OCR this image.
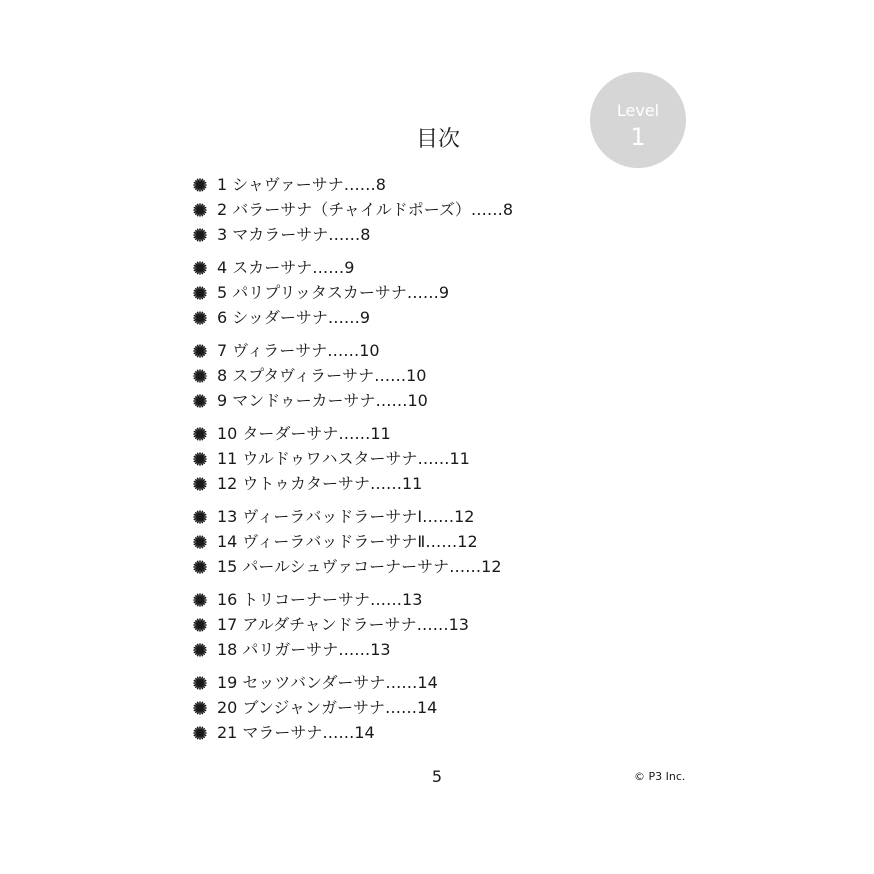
Level
1
目次
1 シャヴァーサナ……8
2 バラーサナ（チャイルドポーズ）……8
3 マカラーサナ……8
4 スカーサナ……9
5 パリプリッタスカーサナ……9
6 シッダーサナ……9
7 ヴィラーサナ……10
8 スプタヴィラーサナ……10
9 マンドゥーカーサナ……10
10 ターダーサナ……11
11 ウルドゥワハスターサナ……11
12 ウトゥカターサナ……11
13 ヴィーラバッドラーサナⅠ……12
14 ヴィーラバッドラーサナⅡ……12
15 パールシュヴァコーナーサナ……12
16 トリコーナーサナ……13
17 アルダチャンドラーサナ……13
18 パリガーサナ……13
19 セッツバンダーサナ……14
20 ブンジャンガーサナ……14
21 マラーサナ……14
5	© P3 Inc.
